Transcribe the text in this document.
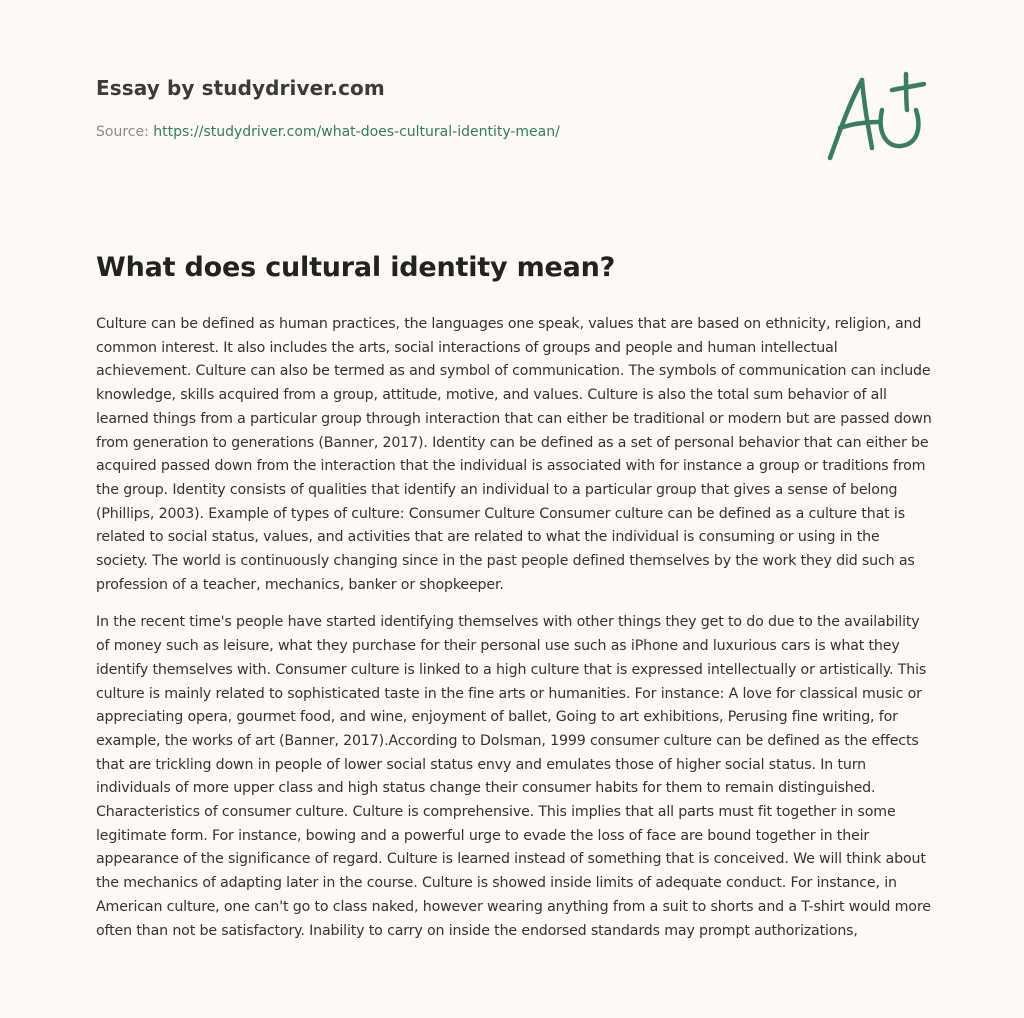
Essay by studydriver.com
Source: https://studydriver.com/what-does-cultural-identity-mean/
What does cultural identity mean?

Culture can be defined as human practices, the languages one speak, values that are based on ethnicity, religion, and common interest. It also includes the arts, social interactions of groups and people and human intellectual achievement. Culture can also be termed as and symbol of communication. The symbols of communication can include knowledge, skills acquired from a group, attitude, motive, and values. Culture is also the total sum behavior of all learned things from a particular group through interaction that can either be traditional or modern but are passed down from generation to generations (Banner, 2017). Identity can be defined as a set of personal behavior that can either be acquired passed down from the interaction that the individual is associated with for instance a group or traditions from the group. Identity consists of qualities that identify an individual to a particular group that gives a sense of belong (Phillips, 2003). Example of types of culture: Consumer Culture Consumer culture can be defined as a culture that is related to social status, values, and activities that are related to what the individual is consuming or using in the society. The world is continuously changing since in the past people defined themselves by the work they did such as profession of a teacher, mechanics, banker or shopkeeper.

In the recent time's people have started identifying themselves with other things they get to do due to the availability of money such as leisure, what they purchase for their personal use such as iPhone and luxurious cars is what they identify themselves with. Consumer culture is linked to a high culture that is expressed intellectually or artistically. This culture is mainly related to sophisticated taste in the fine arts or humanities. For instance: A love for classical music or appreciating opera, gourmet food, and wine, enjoyment of ballet, Going to art exhibitions, Perusing fine writing, for example, the works of art (Banner, 2017).According to Dolsman, 1999 consumer culture can be defined as the effects that are trickling down in people of lower social status envy and emulates those of higher social status. In turn individuals of more upper class and high status change their consumer habits for them to remain distinguished. Characteristics of consumer culture. Culture is comprehensive. This implies that all parts must fit together in some legitimate form. For instance, bowing and a powerful urge to evade the loss of face are bound together in their appearance of the significance of regard. Culture is learned instead of something that is conceived. We will think about the mechanics of adapting later in the course. Culture is showed inside limits of adequate conduct. For instance, in American culture, one can't go to class naked, however wearing anything from a suit to shorts and a T-shirt would more often than not be satisfactory. Inability to carry on inside the endorsed standards may prompt authorizations,
